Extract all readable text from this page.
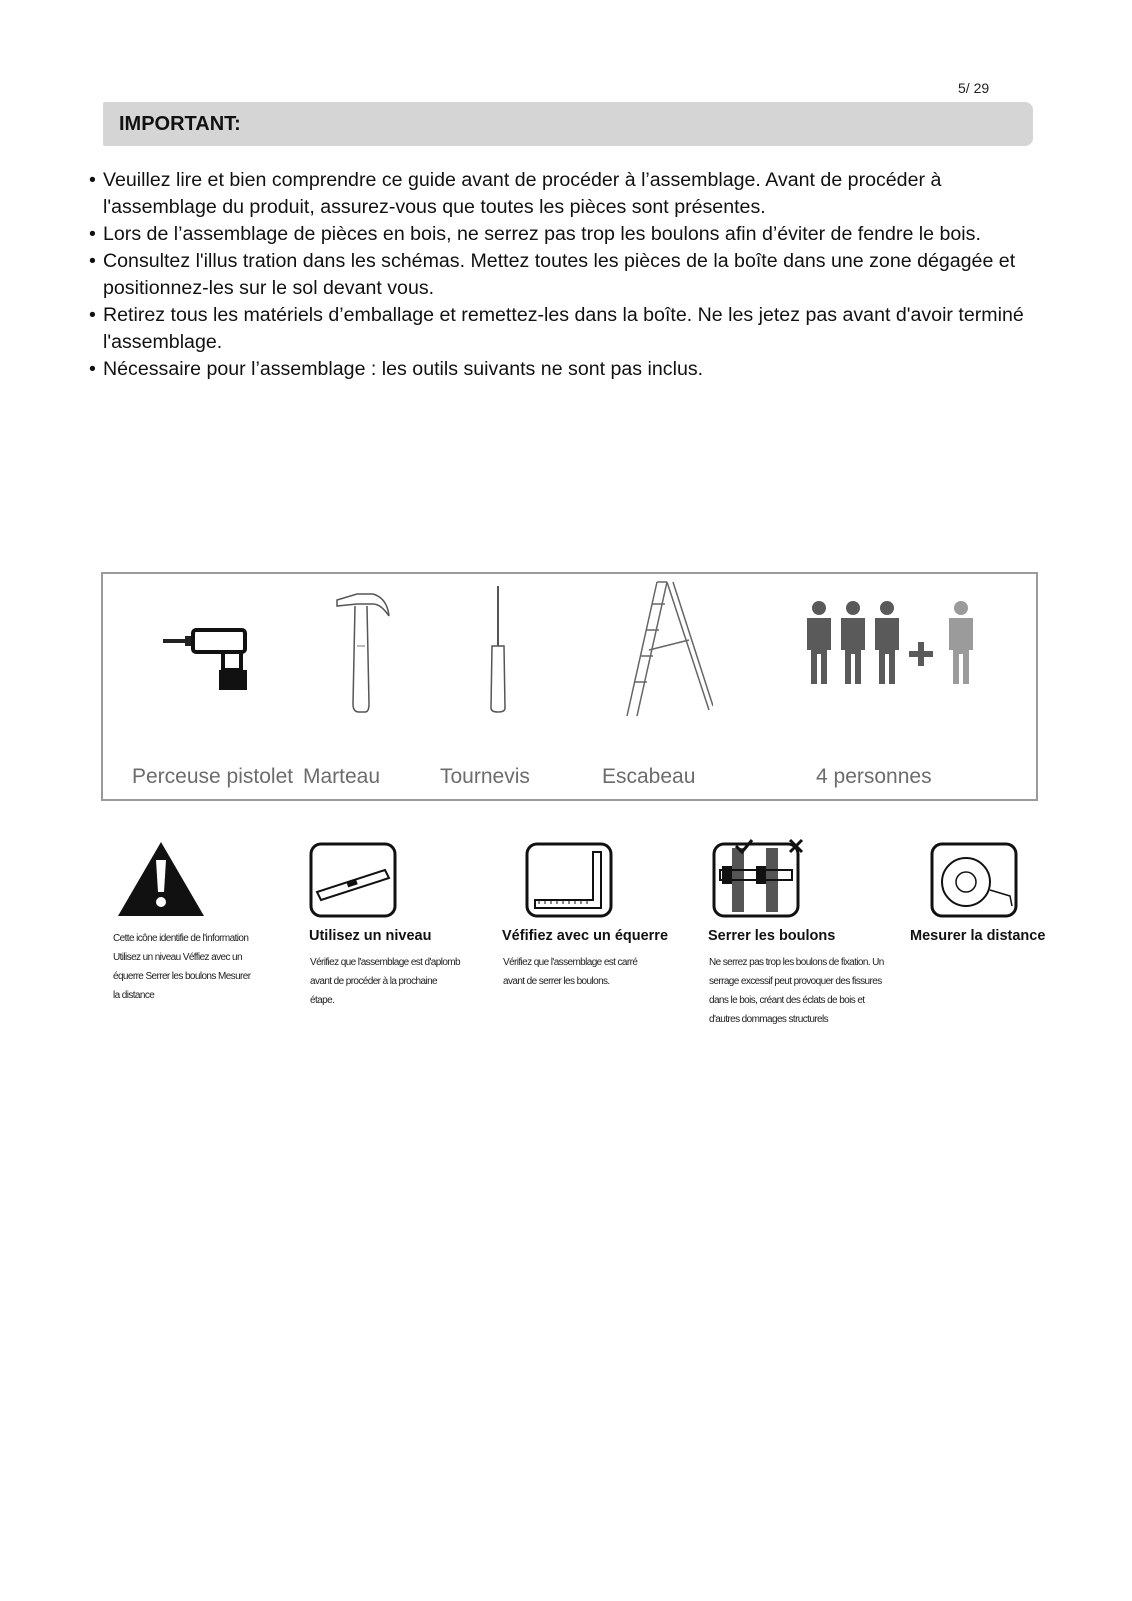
5/ 29
IMPORTANT:
• Veuillez lire et bien comprendre ce guide avant de procéder à l’assemblage. Avant de procéder à l'assemblage du produit, assurez-vous que toutes les pièces sont présentes.
• Lors de l’assemblage de pièces en bois, ne serrez pas trop les boulons afin d’éviter de fendre le bois.
• Consultez l'illus tration dans les schémas. Mettez toutes les pièces de la boîte dans une zone dégagée et positionnez-les sur le sol devant vous.
• Retirez tous les matériels d’emballage et remettez-les dans la boîte. Ne les jetez pas avant d'avoir terminé l'assemblage.
• Nécessaire pour l’assemblage : les outils suivants ne sont pas inclus.
Perceuse pistolet Marteau	Tournevis	Escabeau	4 personnes
Utilisez un niveau	Véfifiez avec un équerre	Serrer les boulons	Mesurer la distance
Cette icône identifie de l'information Utilisez un niveau Véffiez avec un équerre Serrer les boulons Mesurer la distance
Vérifiez que l'assemblage est d'aplomb avant de procéder à la prochaine étape.
Vérifiez que l'assemblage est carré avant de serrer les boulons.
Ne serrez pas trop les boulons de fixation. Un serrage excessif peut provoquer des fissures dans le bois, créant des éclats de bois et d'autres dommages structurels
